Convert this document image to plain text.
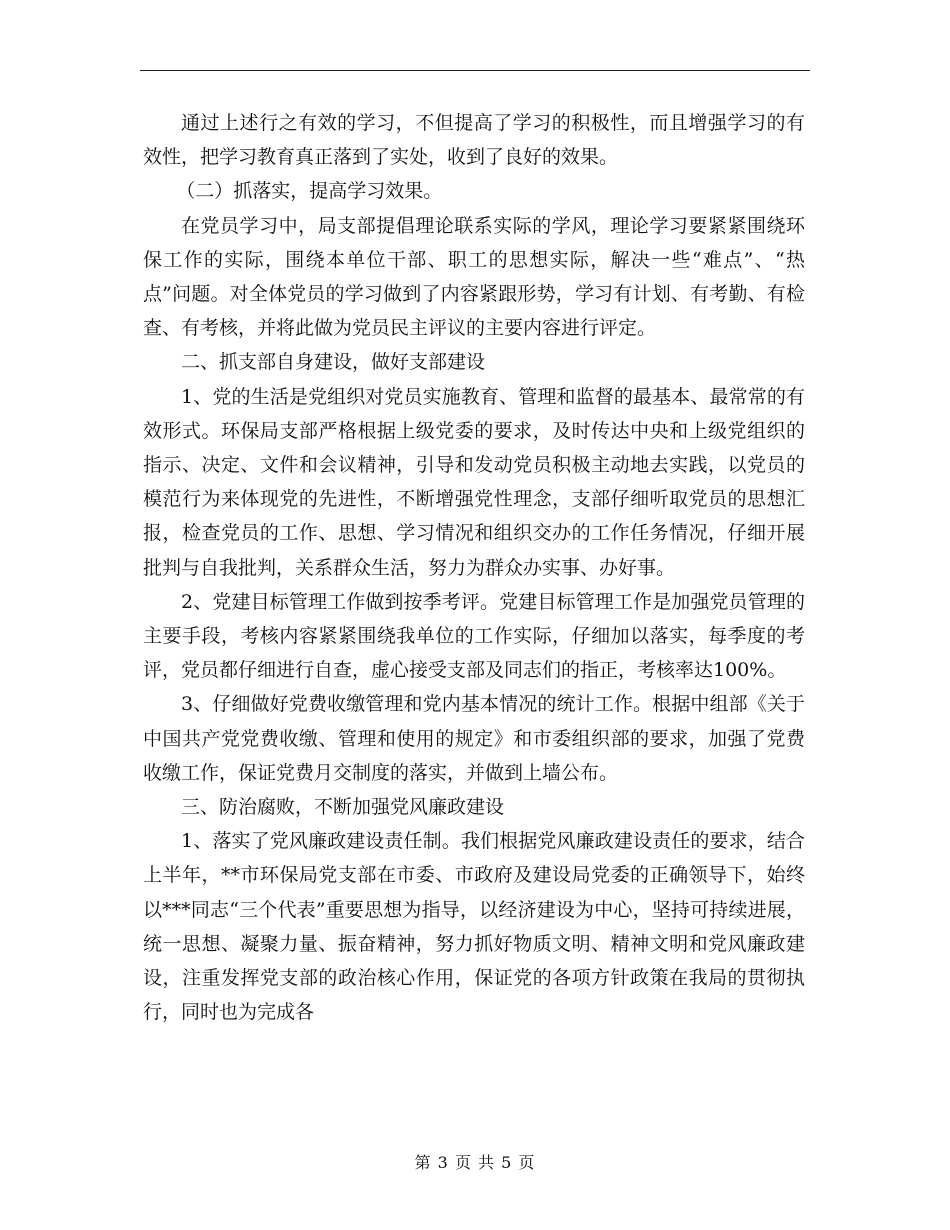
通过上述行之有效的学习，不但提高了学习的积极性，而且增强学习的有效性，把学习教育真正落到了实处，收到了良好的效果。

（二）抓落实，提高学习效果。

在党员学习中，局支部提倡理论联系实际的学风，理论学习要紧紧围绕环保工作的实际，围绕本单位干部、职工的思想实际，解决一些“难点”、“热点”问题。对全体党员的学习做到了内容紧跟形势，学习有计划、有考勤、有检查、有考核，并将此做为党员民主评议的主要内容进行评定。

二、抓支部自身建设，做好支部建设

1、党的生活是党组织对党员实施教育、管理和监督的最基本、最常常的有效形式。环保局支部严格根据上级党委的要求，及时传达中央和上级党组织的指示、决定、文件和会议精神，引导和发动党员积极主动地去实践，以党员的模范行为来体现党的先进性，不断增强党性理念，支部仔细听取党员的思想汇报，检查党员的工作、思想、学习情况和组织交办的工作任务情况，仔细开展批判与自我批判，关系群众生活，努力为群众办实事、办好事。

2、党建目标管理工作做到按季考评。党建目标管理工作是加强党员管理的主要手段，考核内容紧紧围绕我单位的工作实际，仔细加以落实，每季度的考评，党员都仔细进行自查，虚心接受支部及同志们的指正，考核率达100%。

3、仔细做好党费收缴管理和党内基本情况的统计工作。根据中组部《关于中国共产党党费收缴、管理和使用的规定》和市委组织部的要求，加强了党费收缴工作，保证党费月交制度的落实，并做到上墙公布。

三、防治腐败，不断加强党风廉政建设

1、落实了党风廉政建设责任制。我们根据党风廉政建设责任的要求，结合上半年，**市环保局党支部在市委、市政府及建设局党委的正确领导下，始终以***同志“三个代表”重要思想为指导，以经济建设为中心，坚持可持续进展，统一思想、凝聚力量、振奋精神，努力抓好物质文明、精神文明和党风廉政建设，注重发挥党支部的政治核心作用，保证党的各项方针政策在我局的贯彻执行，同时也为完成各

第 3 页 共 5 页
